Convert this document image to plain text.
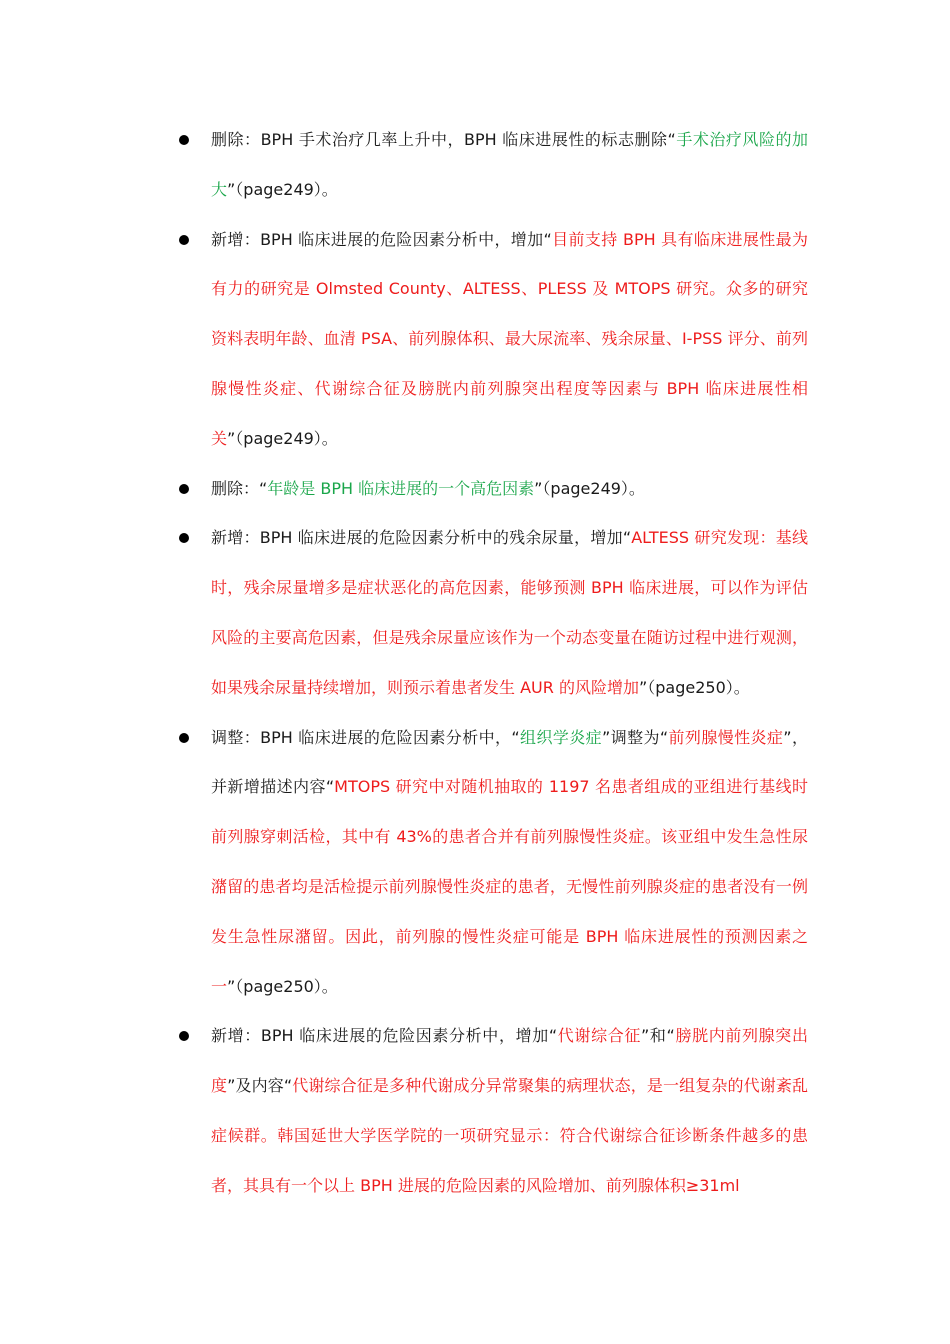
删除：BPH 手术治疗几率上升中，BPH 临床进展性的标志删除“手术治疗风险的加大”（page249）。
新增：BPH 临床进展的危险因素分析中，增加“目前支持 BPH 具有临床进展性最为有力的研究是 Olmsted County、ALTESS、PLESS 及 MTOPS 研究。众多的研究资料表明年龄、血清 PSA、前列腺体积、最大尿流率、残余尿量、I-PSS 评分、前列腺慢性炎症、代谢综合征及膀胱内前列腺突出程度等因素与 BPH 临床进展性相关”（page249）。
删除：“年龄是 BPH 临床进展的一个高危因素”（page249）。
新增：BPH 临床进展的危险因素分析中的残余尿量，增加“ALTESS 研究发现：基线时，残余尿量增多是症状恶化的高危因素，能够预测 BPH 临床进展，可以作为评估风险的主要高危因素，但是残余尿量应该作为一个动态变量在随访过程中进行观测，如果残余尿量持续增加，则预示着患者发生 AUR 的风险增加”（page250）。
调整：BPH 临床进展的危险因素分析中，“组织学炎症”调整为“前列腺慢性炎症”，并新增描述内容“MTOPS 研究中对随机抽取的 1197 名患者组成的亚组进行基线时前列腺穿刺活检，其中有 43%的患者合并有前列腺慢性炎症。该亚组中发生急性尿潴留的患者均是活检提示前列腺慢性炎症的患者，无慢性前列腺炎症的患者没有一例发生急性尿潴留。因此，前列腺的慢性炎症可能是 BPH 临床进展性的预测因素之一”（page250）。
新增：BPH 临床进展的危险因素分析中，增加“代谢综合征”和“膀胱内前列腺突出度”及内容“代谢综合征是多种代谢成分异常聚集的病理状态，是一组复杂的代谢紊乱症候群。韩国延世大学医学院的一项研究显示：符合代谢综合征诊断条件越多的患者，其具有一个以上 BPH 进展的危险因素的风险增加、前列腺体积≥31ml
